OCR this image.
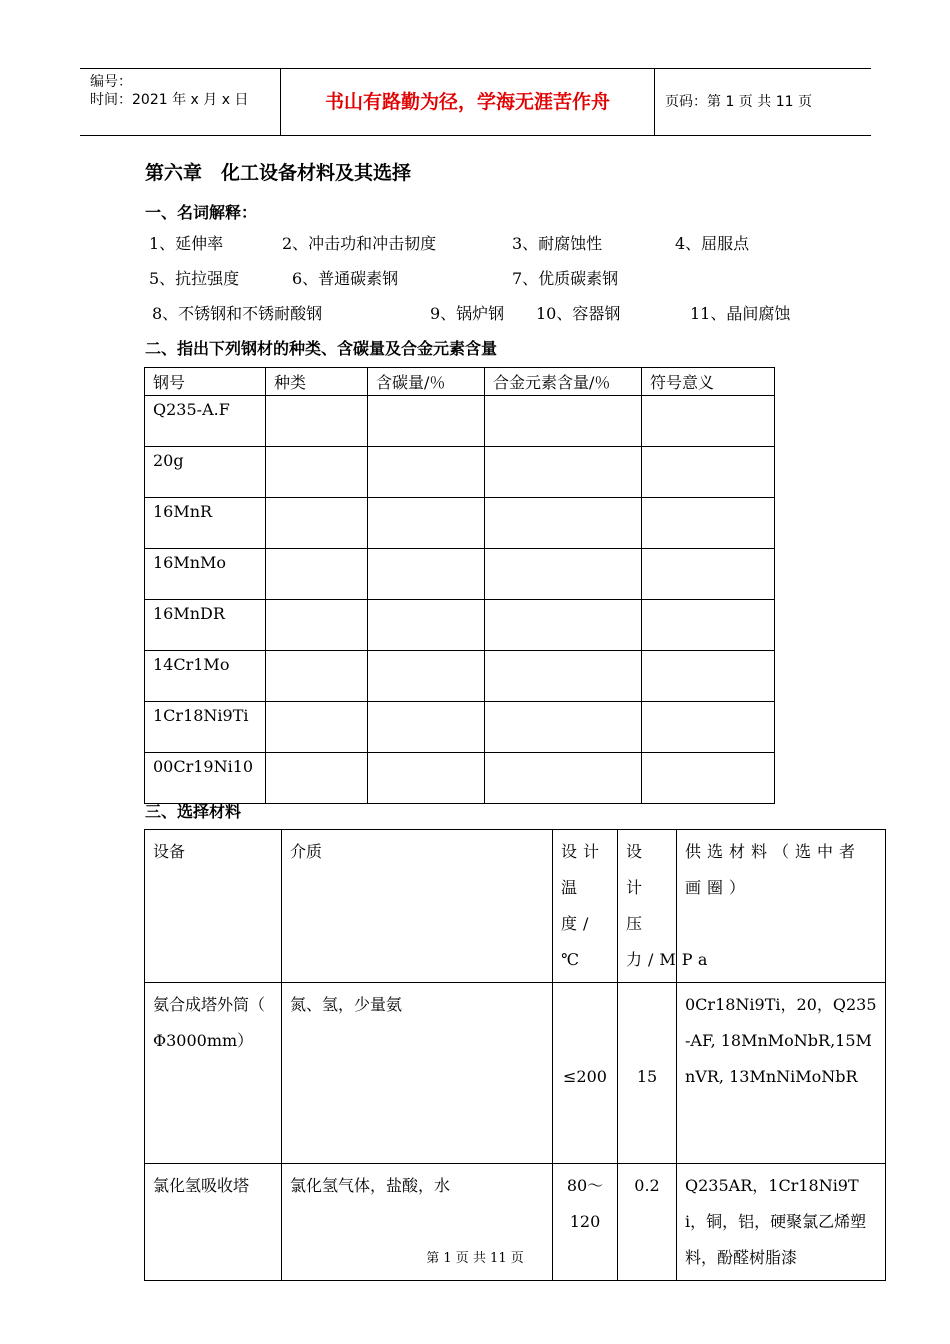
编号：
时间：2021 年 x 月 x 日	书山有路勤为径，学海无涯苦作舟	页码：第 1 页 共 11 页
第六章　化工设备材料及其选择
一、名词解释：
1、延伸率	2、冲击功和冲击韧度	3、耐腐蚀性	4、屈服点
5、抗拉强度	6、普通碳素钢	7、优质碳素钢
8、不锈钢和不锈耐酸钢	9、锅炉钢 10、容器钢	11、晶间腐蚀
二、指出下列钢材的种类、含碳量及合金元素含量
钢号	种类	含碳量/％	合金元素含量/％	符号意义
Q235-A.F				
20g				
16MnR				
16MnMo				
16MnDR				
14Cr1Mo				
1Cr18Ni9Ti				
00Cr19Ni10				
三、选择材料
设备	介质	设计温度/℃	设计压力/MPa	供选材料（选中者画圈）
氨合成塔外筒（　Φ3000mm）	氮、氢，少量氨	≤200	15	0Cr18Ni9Ti，20，Q235-AF, 18MnMoNbR,15MnVR, 13MnNiMoNbR
氯化氢吸收塔	氯化氢气体，盐酸，水	80～120	0.2	Q235AR，1Cr18Ni9Ti，铜，铝，硬聚氯乙烯塑料，酚醛树脂漆
第 1 页 共 11 页
